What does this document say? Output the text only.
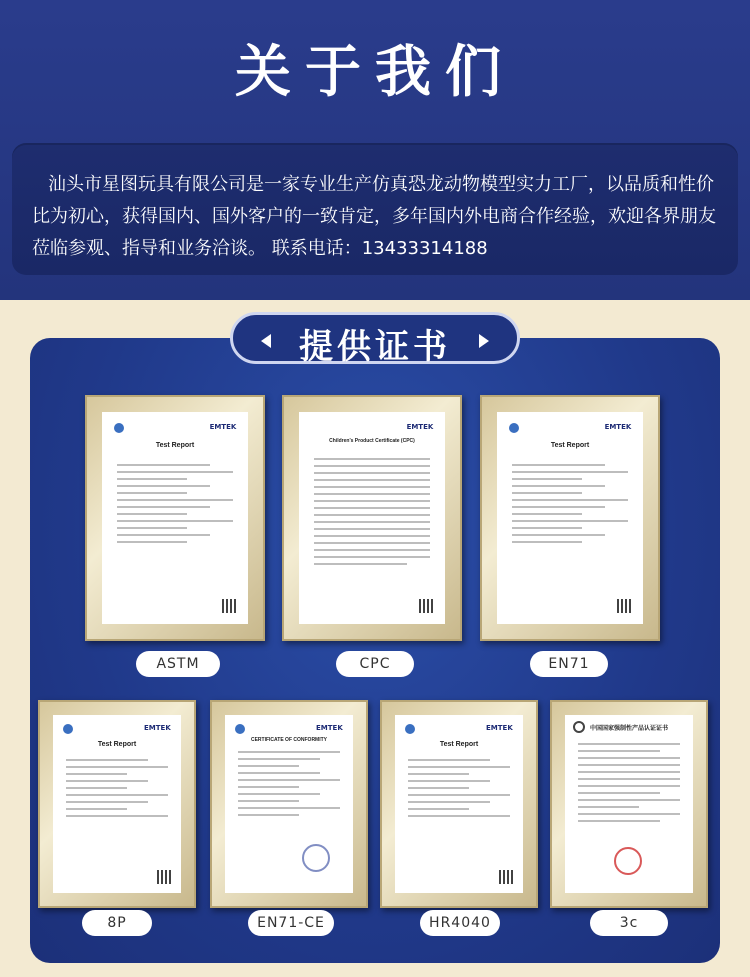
关于我们
汕头市星图玩具有限公司是一家专业生产仿真恐龙动物模型实力工厂，以品质和性价比为初心，获得国内、国外客户的一致肯定，多年国内外电商合作经验，欢迎各界朋友莅临参观、指导和业务洽谈。 联系电话：13433314188
提供证书
EMTEK
Test Report
ASTM
EMTEK
Children's Product Certificate (CPC)
CPC
EMTEK
Test Report
EN71
EMTEK
Test Report
8P
EMTEK
CERTIFICATE OF CONFORMITY
EN71-CE
EMTEK
Test Report
HR4040
中国国家强制性产品认证证书
3c
